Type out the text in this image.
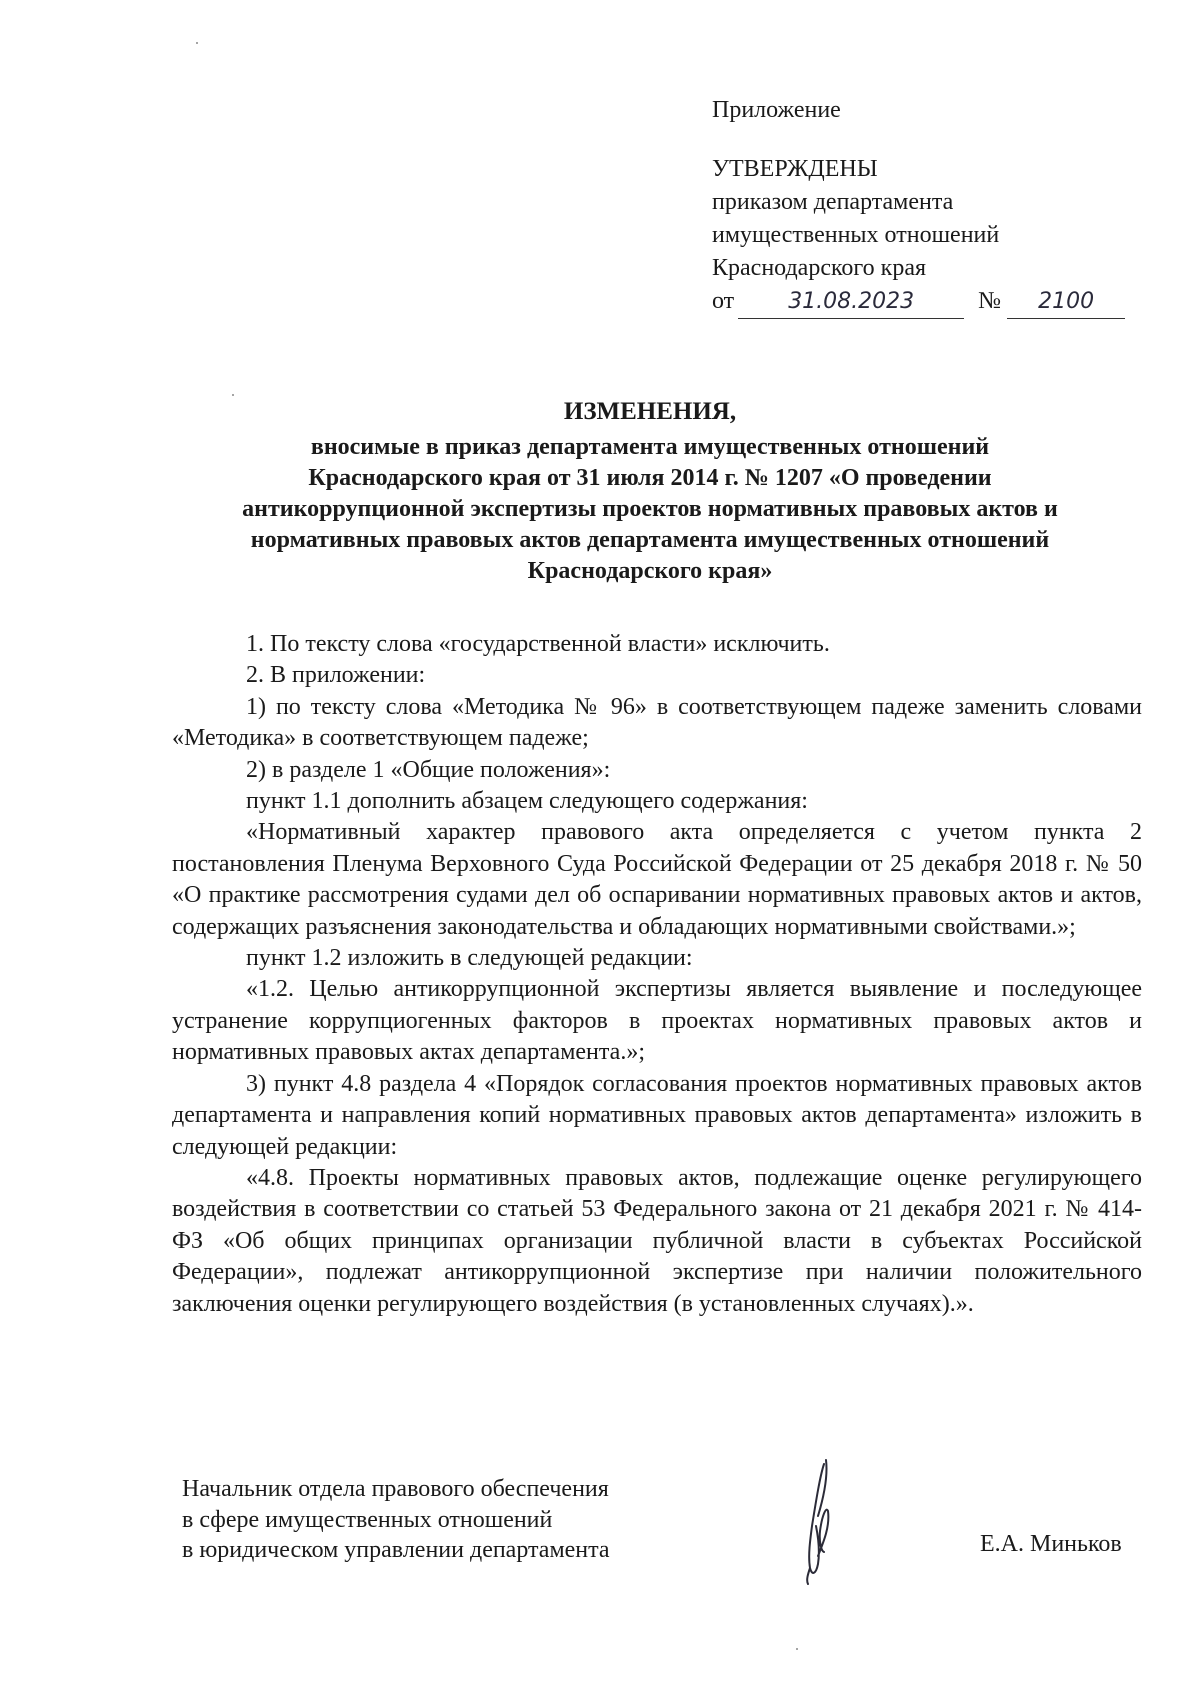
Приложение
УТВЕРЖДЕНЫ
приказом департамента
имущественных отношений
Краснодарского края
от 31.08.2023	№ 2100
ИЗМЕНЕНИЯ,
вносимые в приказ департамента имущественных отношений
Краснодарского края от 31 июля 2014 г. № 1207 «О проведении
антикоррупционной экспертизы проектов нормативных правовых актов и
нормативных правовых актов департамента имущественных отношений
Краснодарского края»

1. По тексту слова «государственной власти» исключить.

2. В приложении:

1) по тексту слова «Методика № 96» в соответствующем падеже заменить словами «Методика» в соответствующем падеже;

2) в разделе 1 «Общие положения»:

пункт 1.1 дополнить абзацем следующего содержания:

«Нормативный характер правового акта определяется с учетом пункта 2 постановления Пленума Верховного Суда Российской Федерации от 25 декабря 2018 г. № 50 «О практике рассмотрения судами дел об оспаривании нормативных правовых актов и актов, содержащих разъяснения законодательства и обладающих нормативными свойствами.»;

пункт 1.2 изложить в следующей редакции:

«1.2. Целью антикоррупционной экспертизы является выявление и последующее устранение коррупциогенных факторов в проектах нормативных правовых актов и нормативных правовых актах департамента.»;

3) пункт 4.8 раздела 4 «Порядок согласования проектов нормативных правовых актов департамента и направления копий нормативных правовых актов департамента» изложить в следующей редакции:

«4.8. Проекты нормативных правовых актов, подлежащие оценке регулирующего воздействия в соответствии со статьей 53 Федерального закона от 21 декабря 2021 г. № 414-ФЗ «Об общих принципах организации публичной власти в субъектах Российской Федерации», подлежат антикоррупционной экспертизе при наличии положительного заключения оценки регулирующего воздействия (в установленных случаях).».

Начальник отдела правового обеспечения
в сфере имущественных отношений
в юридическом управлении департамента	Е.А. Миньков
